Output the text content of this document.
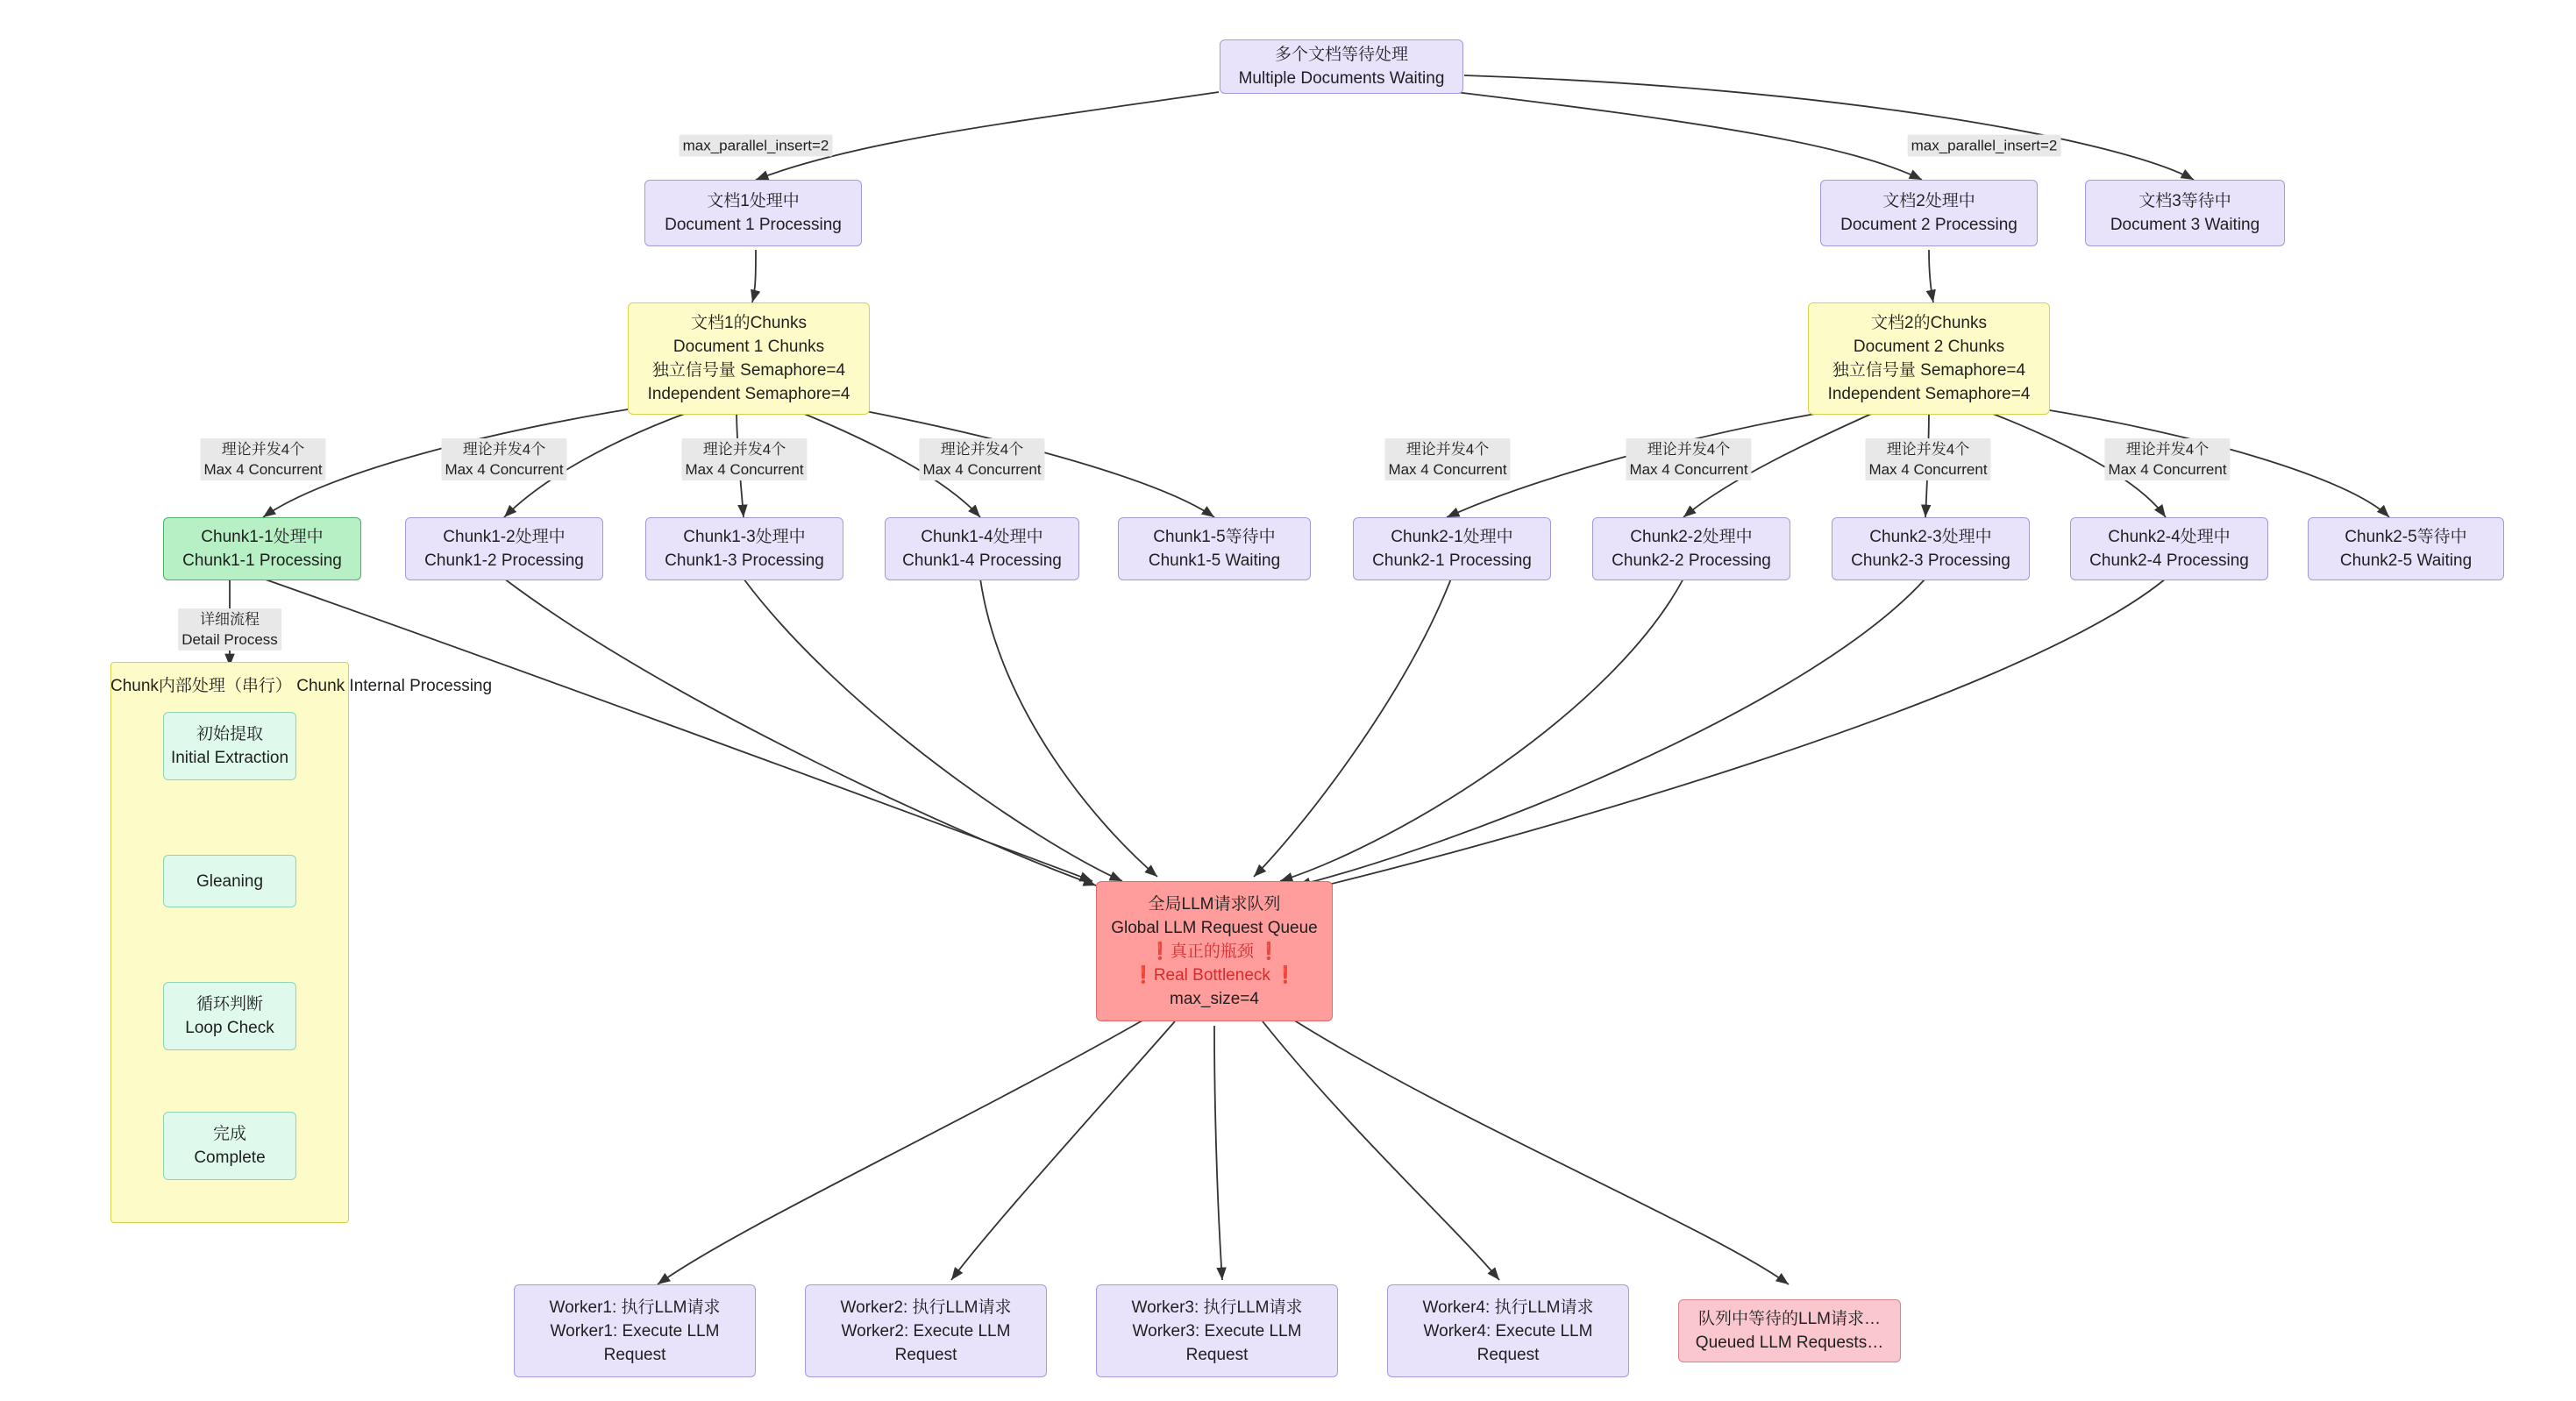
Chunk内部处理（串行） Chunk Internal Processing
多个文档等待处理
Multiple Documents Waiting
文档1处理中
Document 1 Processing
文档2处理中
Document 2 Processing
文档3等待中
Document 3 Waiting
文档1的Chunks
Document 1 Chunks
独立信号量 Semaphore=4
Independent Semaphore=4
文档2的Chunks
Document 2 Chunks
独立信号量 Semaphore=4
Independent Semaphore=4
Chunk1-1处理中
Chunk1-1 Processing
Chunk1-2处理中
Chunk1-2 Processing
Chunk1-3处理中
Chunk1-3 Processing
Chunk1-4处理中
Chunk1-4 Processing
Chunk1-5等待中
Chunk1-5 Waiting
Chunk2-1处理中
Chunk2-1 Processing
Chunk2-2处理中
Chunk2-2 Processing
Chunk2-3处理中
Chunk2-3 Processing
Chunk2-4处理中
Chunk2-4 Processing
Chunk2-5等待中
Chunk2-5 Waiting
初始提取
Initial Extraction
Gleaning
循环判断
Loop Check
完成
Complete
全局LLM请求队列
Global LLM Request Queue
❗真正的瓶颈 ❗
❗Real Bottleneck ❗
max_size=4
Worker1: 执行LLM请求
Worker1: Execute LLM
Request
Worker2: 执行LLM请求
Worker2: Execute LLM
Request
Worker3: 执行LLM请求
Worker3: Execute LLM
Request
Worker4: 执行LLM请求
Worker4: Execute LLM
Request
队列中等待的LLM请求…
Queued LLM Requests…
max_parallel_insert=2	max_parallel_insert=2
理论并发4个
Max 4 Concurrent
理论并发4个
Max 4 Concurrent
理论并发4个
Max 4 Concurrent
理论并发4个
Max 4 Concurrent
理论并发4个
Max 4 Concurrent
理论并发4个
Max 4 Concurrent
理论并发4个
Max 4 Concurrent
理论并发4个
Max 4 Concurrent
详细流程
Detail Process
